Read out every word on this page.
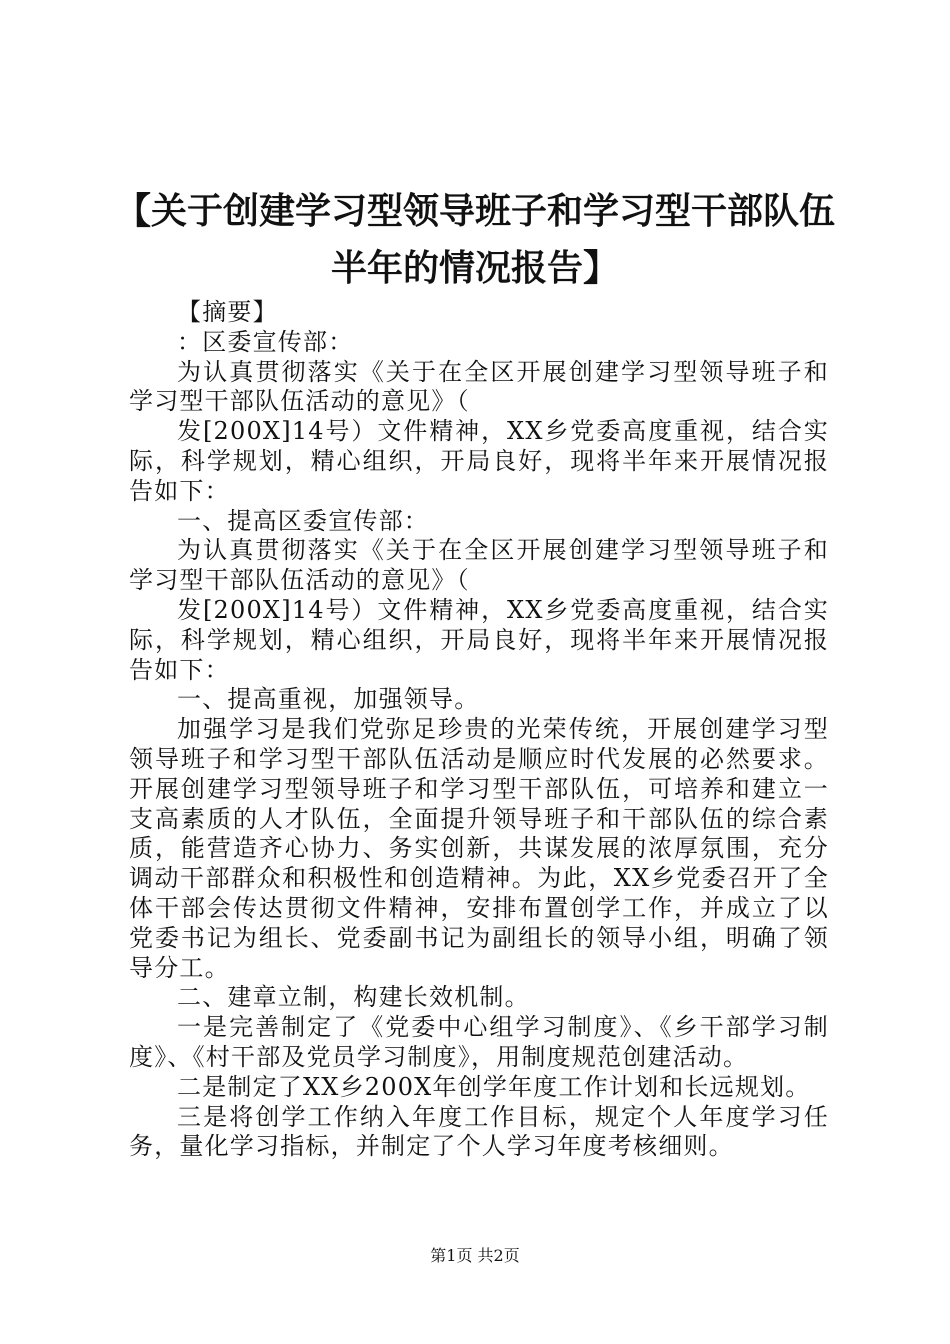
【关于创建学习型领导班子和学习型干部队伍
半年的情况报告】

【摘要】

：区委宣传部：

为认真贯彻落实《关于在全区开展创建学习型领导班子和学习型干部队伍活动的意见》（

发[200X]14号）文件精神，XX乡党委高度重视，结合实际，科学规划，精心组织，开局良好，现将半年来开展情况报告如下：

一、提高区委宣传部：

为认真贯彻落实《关于在全区开展创建学习型领导班子和学习型干部队伍活动的意见》（

发[200X]14号）文件精神，XX乡党委高度重视，结合实际，科学规划，精心组织，开局良好，现将半年来开展情况报告如下：

一、提高重视，加强领导。

加强学习是我们党弥足珍贵的光荣传统，开展创建学习型领导班子和学习型干部队伍活动是顺应时代发展的必然要求。开展创建学习型领导班子和学习型干部队伍，可培养和建立一支高素质的人才队伍，全面提升领导班子和干部队伍的综合素质，能营造齐心协力、务实创新，共谋发展的浓厚氛围，充分调动干部群众和积极性和创造精神。为此，XX乡党委召开了全体干部会传达贯彻文件精神，安排布置创学工作，并成立了以党委书记为组长、党委副书记为副组长的领导小组，明确了领导分工。

二、建章立制，构建长效机制。

一是完善制定了《党委中心组学习制度》、《乡干部学习制度》、《村干部及党员学习制度》，用制度规范创建活动。

二是制定了XX乡200X年创学年度工作计划和长远规划。

三是将创学工作纳入年度工作目标，规定个人年度学习任务，量化学习指标，并制定了个人学习年度考核细则。

第1页 共2页
